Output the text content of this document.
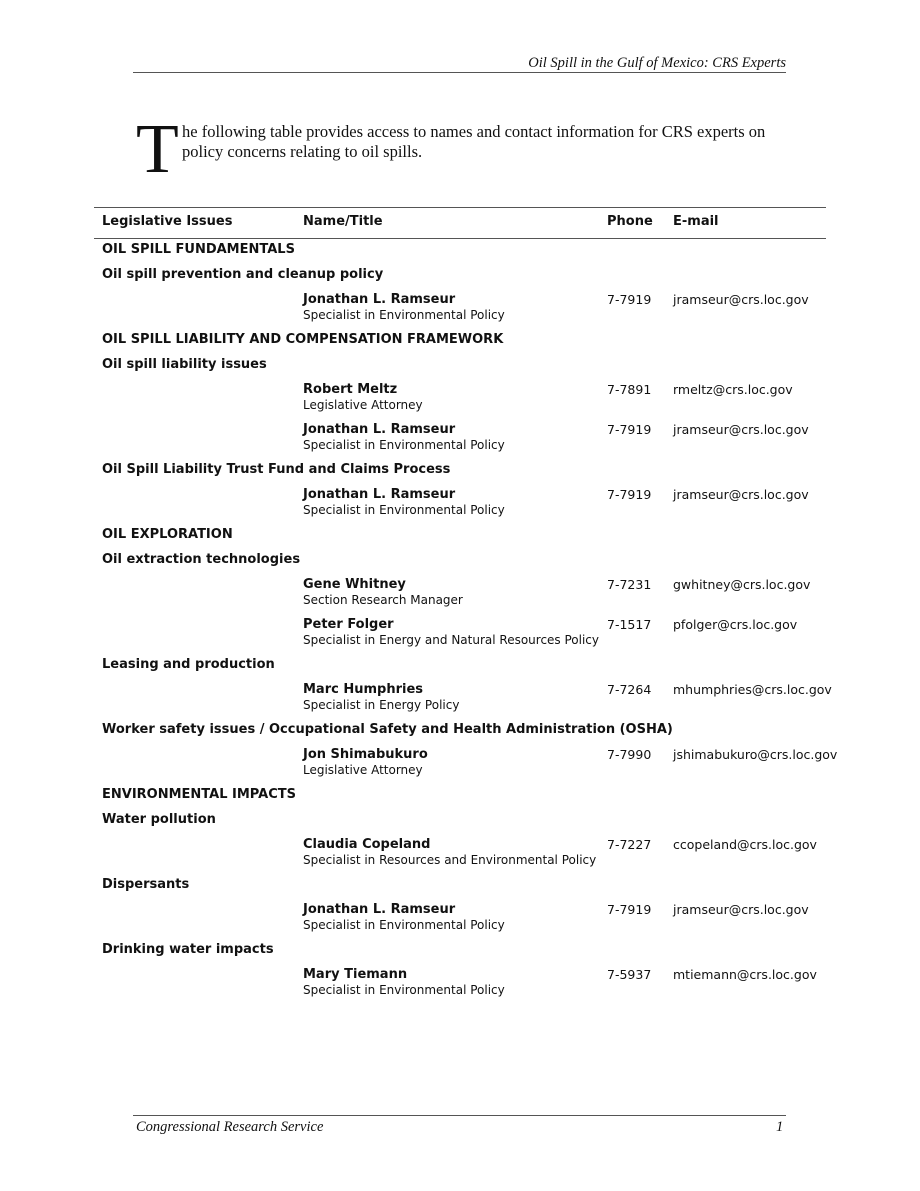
Oil Spill in the Gulf of Mexico: CRS Experts
T he following table provides access to names and contact information for CRS experts on
policy concerns relating to oil spills.
Legislative Issues	Name/Title	Phone E-mail
OIL SPILL FUNDAMENTALS
Oil spill prevention and cleanup policy
Jonathan L. Ramseur
Specialist in Environmental Policy
7-7919 jramseur@crs.loc.gov
OIL SPILL LIABILITY AND COMPENSATION FRAMEWORK
Oil spill liability issues
Robert Meltz
Legislative Attorney
7-7891 rmeltz@crs.loc.gov
Jonathan L. Ramseur
Specialist in Environmental Policy
7-7919 jramseur@crs.loc.gov
Oil Spill Liability Trust Fund and Claims Process
Jonathan L. Ramseur
Specialist in Environmental Policy
7-7919 jramseur@crs.loc.gov
OIL EXPLORATION
Oil extraction technologies
Gene Whitney
Section Research Manager
7-7231 gwhitney@crs.loc.gov
Peter Folger
Specialist in Energy and Natural Resources Policy
7-1517 pfolger@crs.loc.gov
Leasing and production
Marc Humphries
Specialist in Energy Policy
7-7264 mhumphries@crs.loc.gov
Worker safety issues / Occupational Safety and Health Administration (OSHA)
Jon Shimabukuro
Legislative Attorney
7-7990 jshimabukuro@crs.loc.gov
ENVIRONMENTAL IMPACTS
Water pollution
Claudia Copeland
Specialist in Resources and Environmental Policy
7-7227 ccopeland@crs.loc.gov
Dispersants
Jonathan L. Ramseur
Specialist in Environmental Policy
7-7919 jramseur@crs.loc.gov
Drinking water impacts
Mary Tiemann
Specialist in Environmental Policy
7-5937 mtiemann@crs.loc.gov
Congressional Research Service	1
